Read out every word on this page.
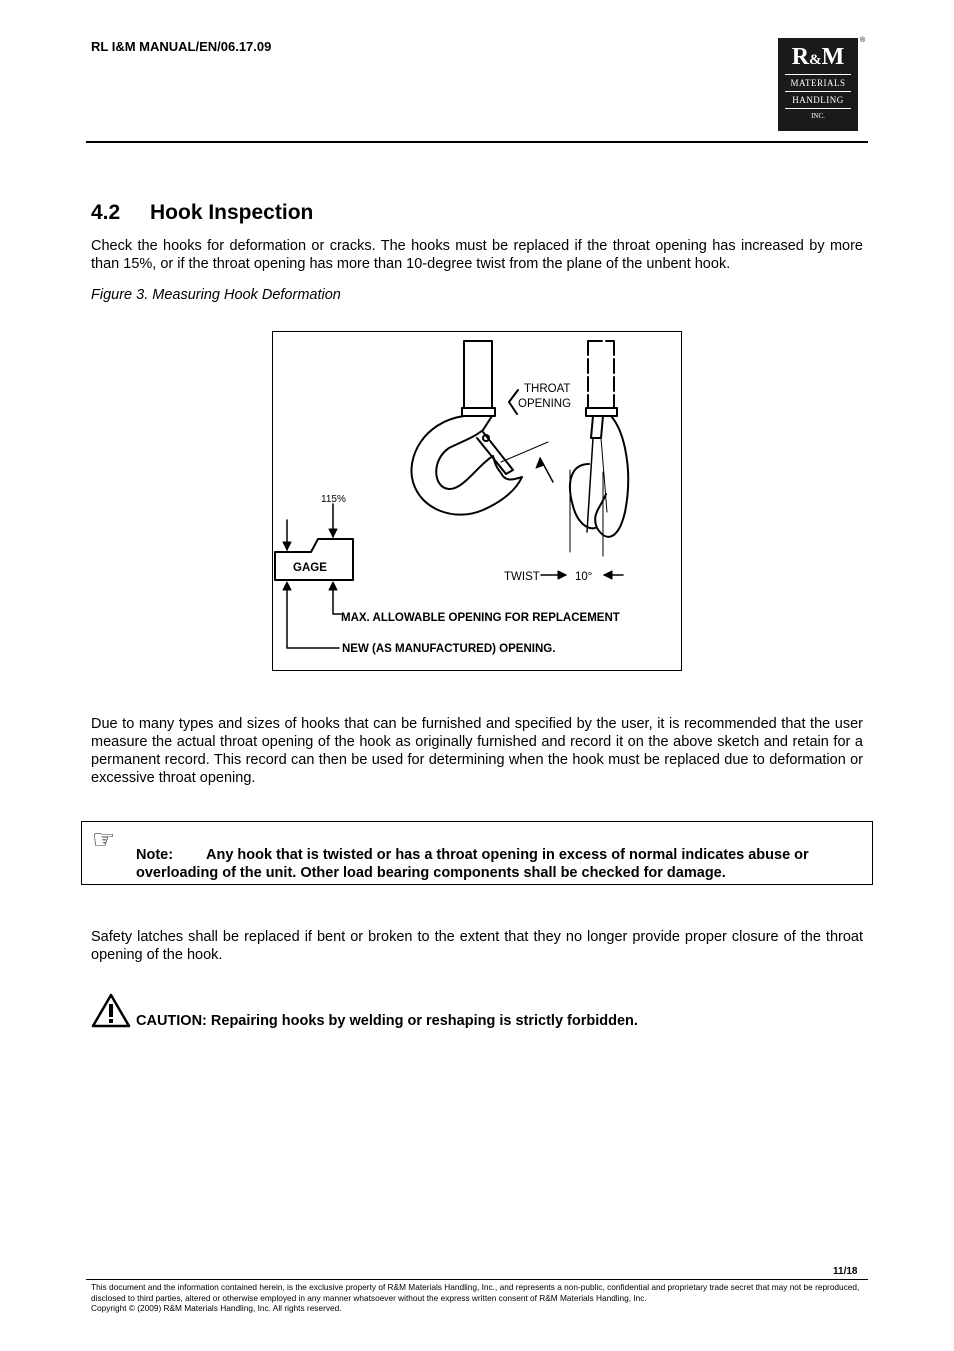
RL I&M MANUAL/EN/06.17.09	R&M
MATERIALS
HANDLING
INC.
®
4.2 Hook Inspection
Check the hooks for deformation or cracks. The hooks must be replaced if the throat opening has increased by more than 15%, or if the throat opening has more than 10-degree twist from the plane of the unbent hook.
Figure 3. Measuring Hook Deformation
THROAT
OPENING
115%
GAGE
TWIST	10°
MAX. ALLOWABLE OPENING FOR REPLACEMENT
NEW (AS MANUFACTURED) OPENING.
Due to many types and sizes of hooks that can be furnished and specified by the user, it is recommended that the user measure the actual throat opening of the hook as originally furnished and record it on the above sketch and retain for a permanent record. This record can then be used for determining when the hook must be replaced due to deformation or excessive throat opening.
☞
Note: Any hook that is twisted or has a throat opening in excess of normal indicates abuse or overloading of the unit. Other load bearing components shall be checked for damage.
Safety latches shall be replaced if bent or broken to the extent that they no longer provide proper closure of the throat opening of the hook.
CAUTION: Repairing hooks by welding or reshaping is strictly forbidden.
11/18
This document and the information contained herein, is the exclusive property of R&M Materials Handling, Inc., and represents a non-public, confidential and proprietary trade secret that may not be reproduced, disclosed to third parties, altered or otherwise employed in any manner whatsoever without the express written consent of R&M Materials Handling, Inc.
Copyright © (2009) R&M Materials Handling, Inc. All rights reserved.
